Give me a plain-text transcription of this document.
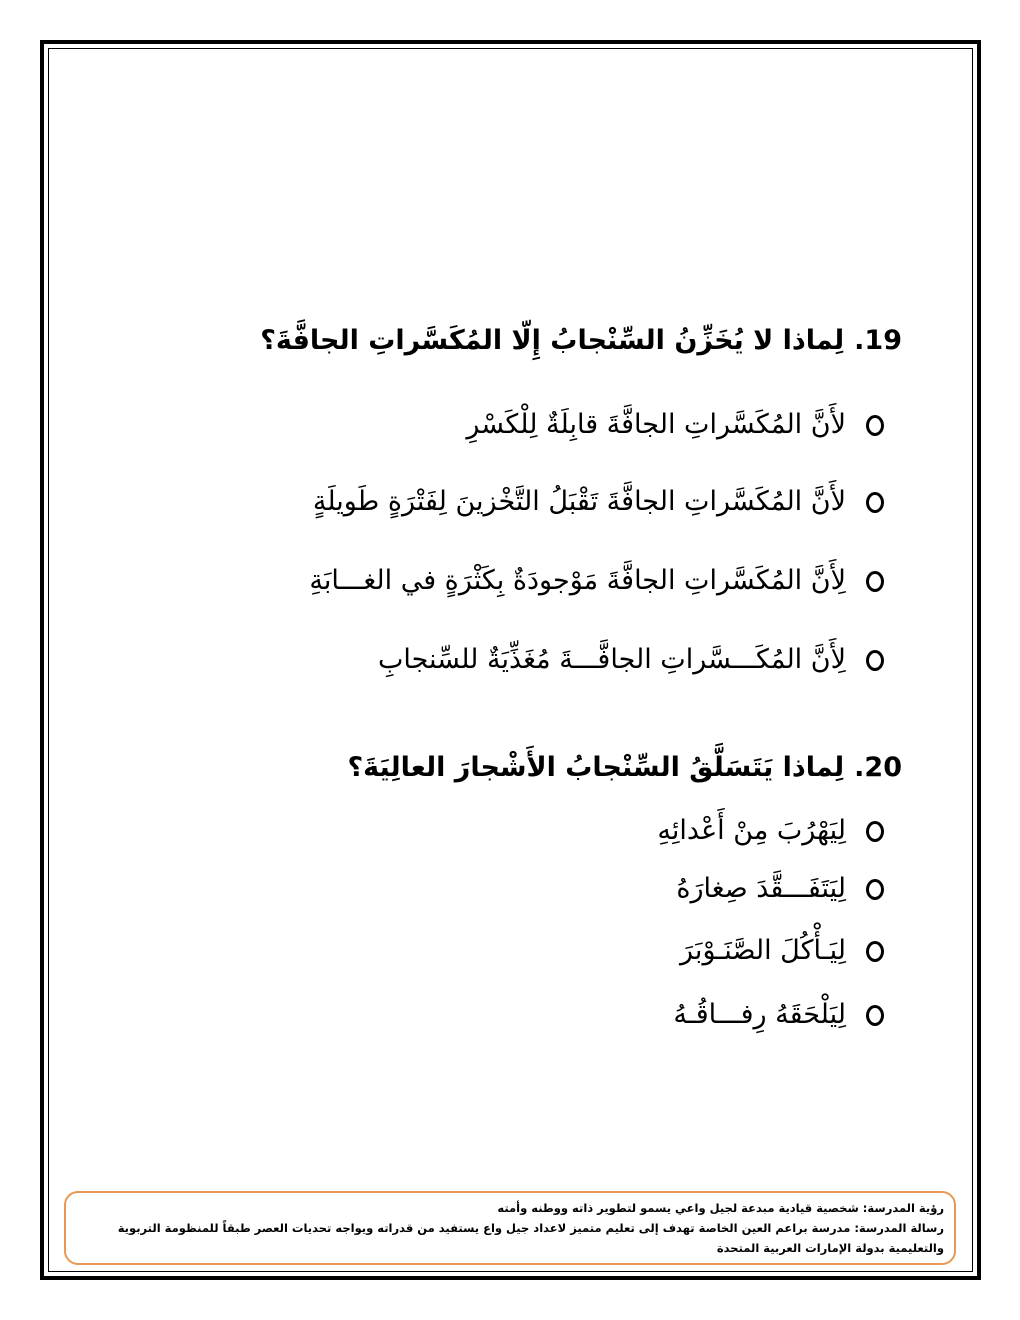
19.لِماذا لا يُخَزِّنُ السِّنْجابُ إِلّا المُكَسَّراتِ الجافَّةَ؟
لأَنَّ المُكَسَّراتِ الجافَّةَ قابِلَةٌ لِلْكَسْرِ
لأَنَّ المُكَسَّراتِ الجافَّةَ تَقْبَلُ التَّخْزينَ لِفَتْرَةٍ طَويلَةٍ
لِأَنَّ المُكَسَّراتِ الجافَّةَ مَوْجودَةٌ بِكَثْرَةٍ في الغـــابَةِ
لِأَنَّ المُكَـــسَّراتِ الجافَّـــةَ مُغَذِّيَةٌ للسِّنجابِ
20.لِماذا يَتَسَلَّقُ السِّنْجابُ الأَشْجارَ العالِيَةَ؟
لِيَهْرُبَ مِنْ أَعْدائِهِ
لِيَتَفَـــقَّدَ صِغارَهُ
لِيَـأْكُلَ الصَّنَـوْبَرَ
لِيَلْحَقَهُ رِفـــاقُـهُ
رؤية المدرسة: شخصية قيادية مبدعة لجيل واعي يسمو لتطوير ذاته ووطنه وأمته
رسالة المدرسة: مدرسة براعم العين الخاصة تهدف إلى تعليم متميز لاعداد جيل واع يستفيد من قدراته ويواجه تحديات العصر طبقاً للمنظومة التربوية والتعليمية بدولة الإمارات العربية المتحدة
